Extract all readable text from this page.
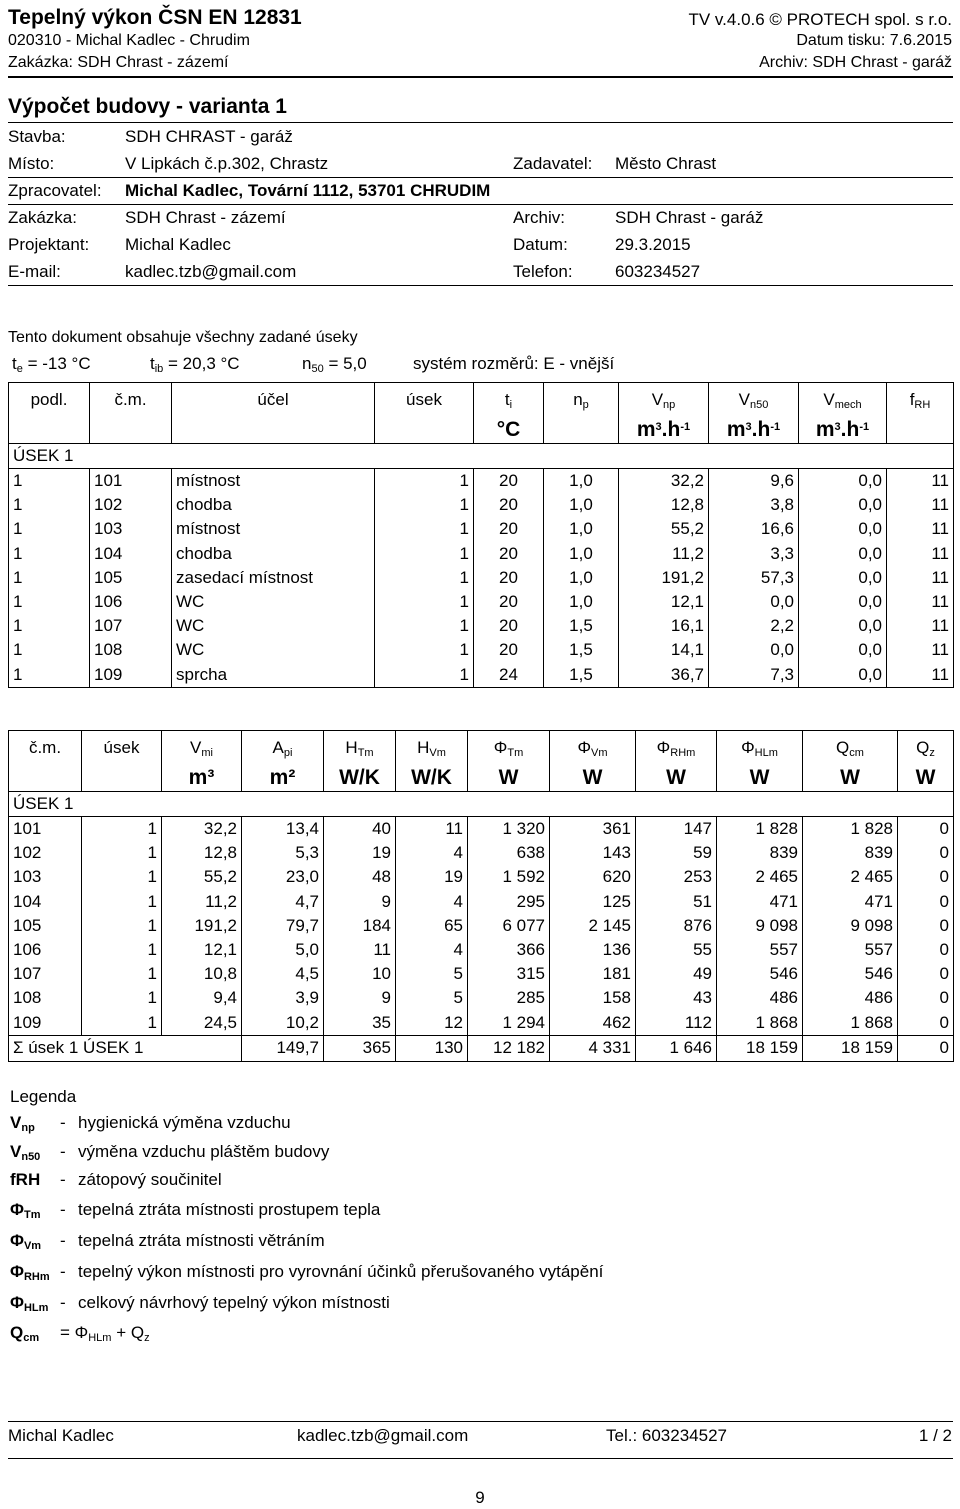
Tepelný výkon ČSN EN 12831
020310 - Michal Kadlec - Chrudim
Zakázka: SDH Chrast - zázemí
TV v.4.0.6 © PROTECH spol. s r.o.
Datum tisku: 7.6.2015
Archiv: SDH Chrast - garáž
Výpočet budovy - varianta 1
Stavba:	SDH CHRAST - garáž
Místo:	V Lipkách č.p.302, Chrastz	Zadavatel: Město Chrast
Zpracovatel: Michal Kadlec, Tovární 1112, 53701 CHRUDIM
Zakázka:	SDH Chrast - zázemí	Archiv:	SDH Chrast - garáž
Projektant: Michal Kadlec	Datum:	29.3.2015
E-mail:	kadlec.tzb@gmail.com	Telefon: 603234527
Tento dokument obsahuje všechny zadané úseky
$t_e = -13$ °C	$t_{ib} = 20,3$ °C	$n_{50} = 5,0$	systém rozměrů: E - vnější
podl.	č.m.	účel	úsek	$t_i$	$n_p$	$V_{np}$	$V_{n50}$	$V_{mech}$	$f_{RH}$
				°C		$m^3.h^{-1}$	$m^3.h^{-1}$	$m^3.h^{-1}$	
ÚSEK 1									
1	101	místnost	1	20	1,0	32,2	9,6	0,0	11
1	102	chodba	1	20	1,0	12,8	3,8	0,0	11
1	103	místnost	1	20	1,0	55,2	16,6	0,0	11
1	104	chodba	1	20	1,0	11,2	3,3	0,0	11
1	105	zasedací místnost	1	20	1,0	191,2	57,3	0,0	11
1	106	WC	1	20	1,0	12,1	0,0	0,0	11
1	107	WC	1	20	1,5	16,1	2,2	0,0	11
1	108	WC	1	20	1,5	14,1	0,0	0,0	11
1	109	sprcha	1	24	1,5	36,7	7,3	0,0	11
č.m.	úsek	$V_{mi}$	$A_{pi}$	$H_{Tm}$	$H_{Vm}$	$\Phi_{Tm}$	$\Phi_{Vm}$	$\Phi_{RHm}$	$\Phi_{HLm}$	$Q_{cm}$	$Q_z$
		m³	m²	W/K	W/K	W	W	W	W	W	W
ÚSEK 1											
101	1	32,2	13,4	40	11	1 320	361	147	1 828	1 828	0
102	1	12,8	5,3	19	4	638	143	59	839	839	0
103	1	55,2	23,0	48	19	1 592	620	253	2 465	2 465	0
104	1	11,2	4,7	9	4	295	125	51	471	471	0
105	1	191,2	79,7	184	65	6 077	2 145	876	9 098	9 098	0
106	1	12,1	5,0	11	4	366	136	55	557	557	0
107	1	10,8	4,5	10	5	315	181	49	546	546	0
108	1	9,4	3,9	9	5	285	158	43	486	486	0
109	1	24,5	10,2	35	12	1 294	462	112	1 868	1 868	0
Σ úsek 1 ÚSEK 1			149,7	365	130	12 182	4 331	1 646	18 159	18 159	0
Legenda
$V_{np}$ - hygienická výměna vzduchu
$V_{n50}$ - výměna vzduchu pláštěm budovy
fRH - zátopový součinitel
$\Phi_{Tm}$ - tepelná ztráta místnosti prostupem tepla
$\Phi_{Vm}$ - tepelná ztráta místnosti větráním
$\Phi_{RHm}$ - tepelný výkon místnosti pro vyrovnání účinků přerušovaného vytápění
$\Phi_{HLm}$ - celkový návrhový tepelný výkon místnosti
$Q_{cm} = \Phi_{HLm} + Q_z$
Michal Kadlec	kadlec.tzb@gmail.com	Tel.: 603234527	1 / 2
9
